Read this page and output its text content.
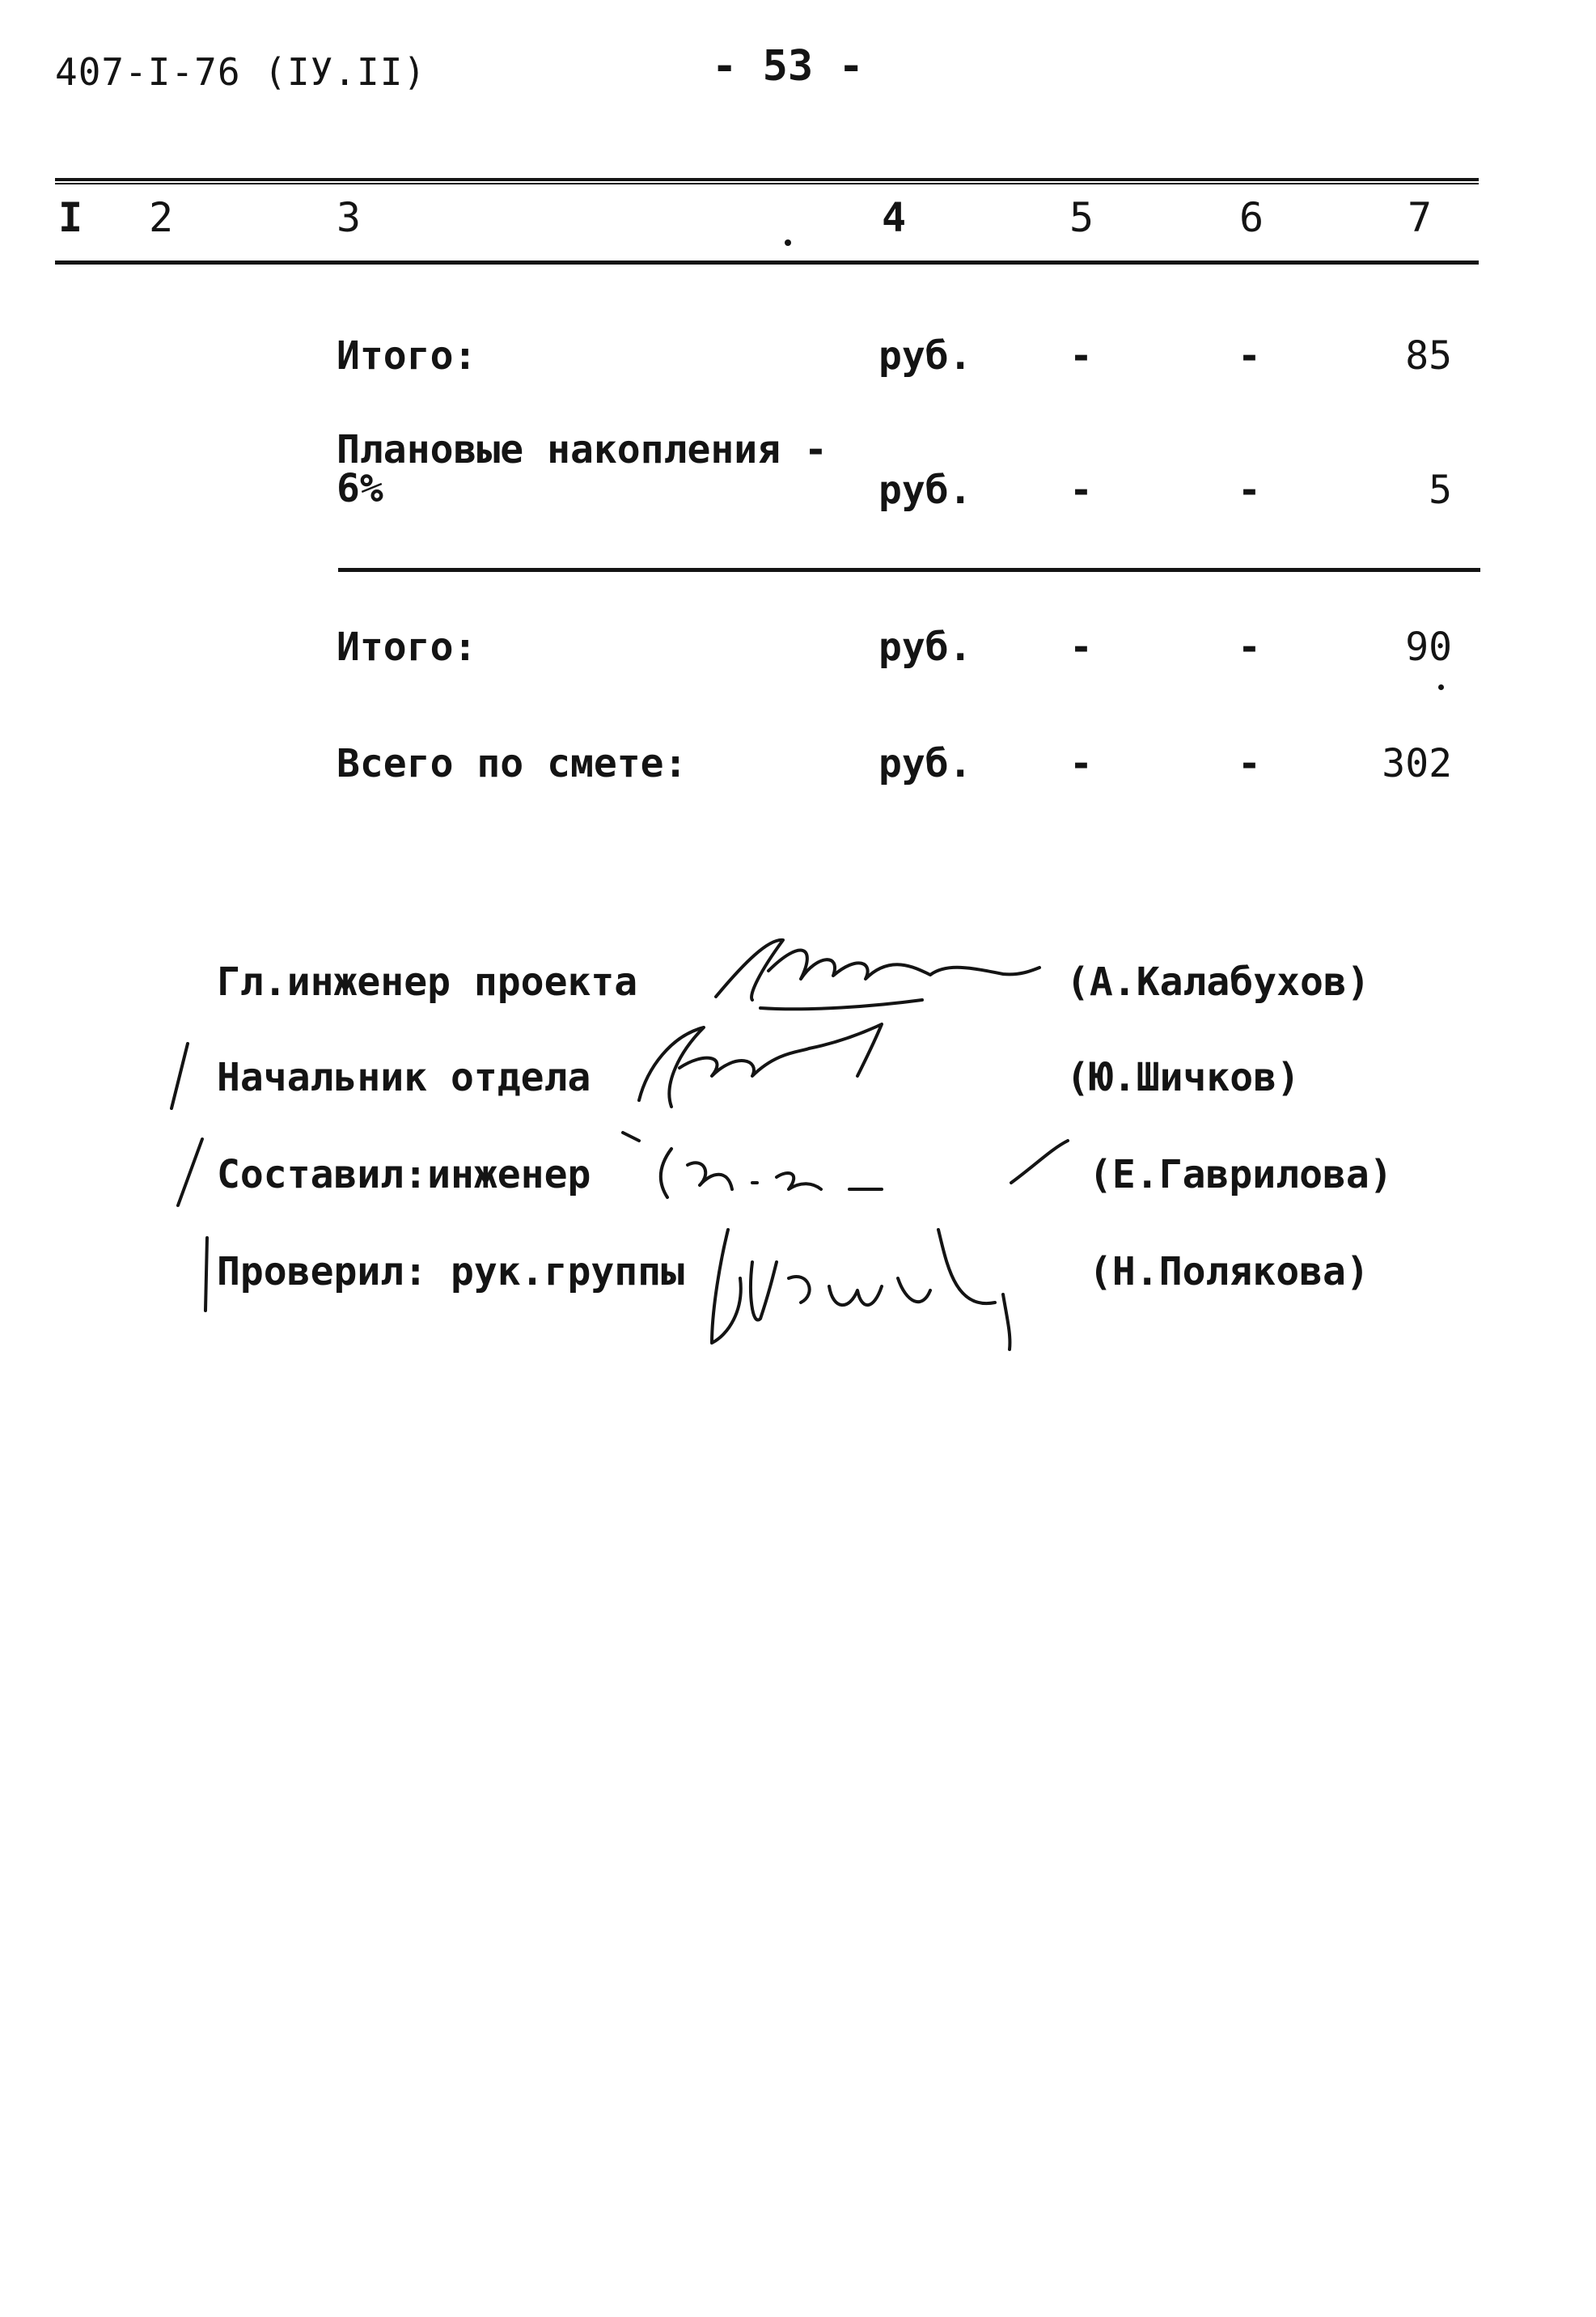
407-I-76 (IУ.II)	- 53 -
I 2	3	4	5	6	7
Итого:	руб.	-	-	85
Плановые накопления - 6%	руб.	-	-	5
Итого:	руб.	-	-	90
Всего по смете:	руб.	-	-	302
Гл.инженер проекта	(А.Калабухов)
Начальник отдела	(Ю.Шичков)
Составил:инженер	(Е.Гаврилова)
Проверил: рук.группы	(Н.Полякова)
